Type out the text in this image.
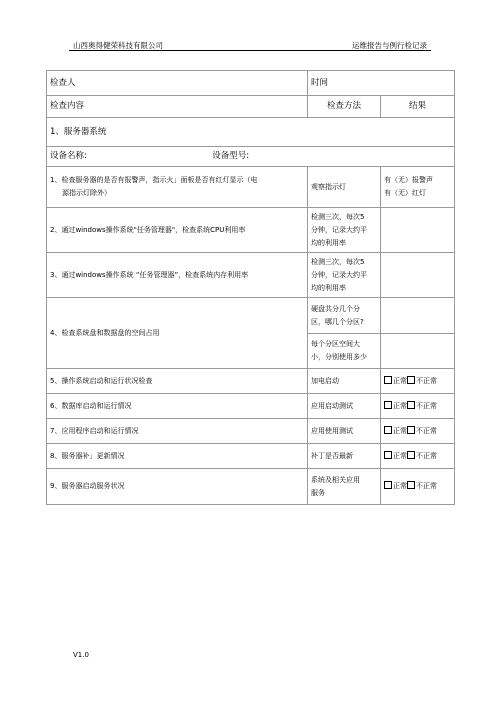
山西奥得健荣科技有限公司	运维报告与例行检记录
检查人	时间	
检查内容	检查方法	结果
1、服务器系统		
设备名称: 设备型号:		

1、检查服务器的是否有报警声，指示火」面板是否有红灯显示（电
源指示灯除外）	观察指示灯	有（无）报警声
有（无）红灯

2、通过windows操作系统"任务管理器"，检查系统CPU利用率	检测三次，每次5
分钟，记录大约平
均的利用率	

3、通过windows操作系统 “任务管理器”，检查系统内存利用率	检测三次，每次5
分钟，记录大约平
均的利用率	

4、检查系统盘和数据盘的空间占用	硬盘共分几个分
区，哪几个分区?
每个分区空间大
小，分别使用多少	

5、操作系统启动和运行状况检查	加电启动	正常 不正常
6、数据库启动和运行情况	应用启动测试	正常 不正常
7、应用程序启动和运行情况	应用使用测试	正常 不正常
8、服务器补」更新情况	补丁是否最新	正常 不正常
9、服务器启动服务状况	系统及相关应用
服务	正常 不正常
V1.0
